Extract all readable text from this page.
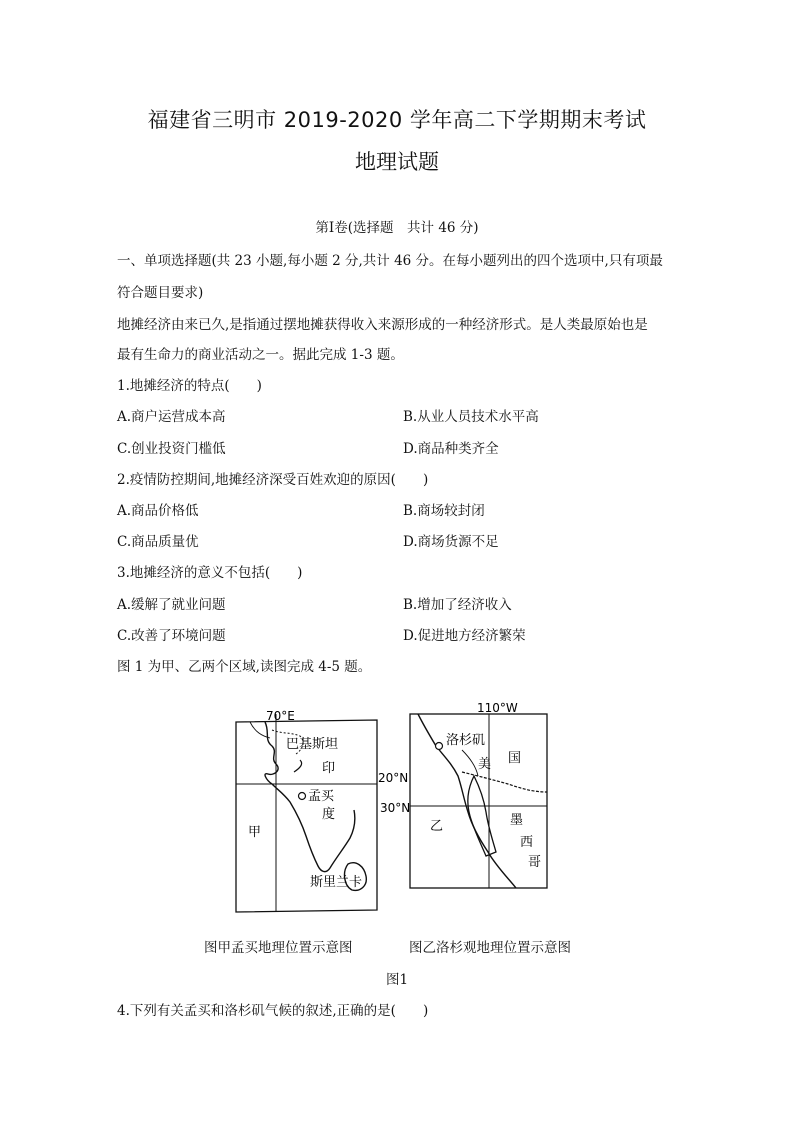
福建省三明市 2019-2020 学年高二下学期期末考试
地理试题
第Ⅰ卷(选择题　共计 46 分)
一、单项选择题(共 23 小题,每小题 2 分,共计 46 分。在每小题列出的四个选项中,只有项最
符合题目要求)
地摊经济由来已久,是指通过摆地摊获得收入来源形成的一种经济形式。是人类最原始也是
最有生命力的商业活动之一。据此完成 1-3 题。
1.地摊经济的特点(　　)
A.商户运营成本高	B.从业人员技术水平高
C.创业投资门槛低	D.商品种类齐全
2.疫情防控期间,地摊经济深受百姓欢迎的原因(　　)
A.商品价格低	B.商场较封闭
C.商品质量优	D.商场货源不足
3.地摊经济的意义不包括(　　)
A.缓解了就业问题	B.增加了经济收入
C.改善了环境问题	D.促进地方经济繁荣
图 1 为甲、乙两个区域,读图完成 4-5 题。
70°E
20°N
巴基斯坦
印
度
孟买
甲
斯里兰卡
110°W
30°N
洛杉矶
美 国
乙	墨
西
哥
图甲孟买地理位置示意图	图乙洛杉观地理位置示意图
图1
4.下列有关孟买和洛杉矶气候的叙述,正确的是(　　)
